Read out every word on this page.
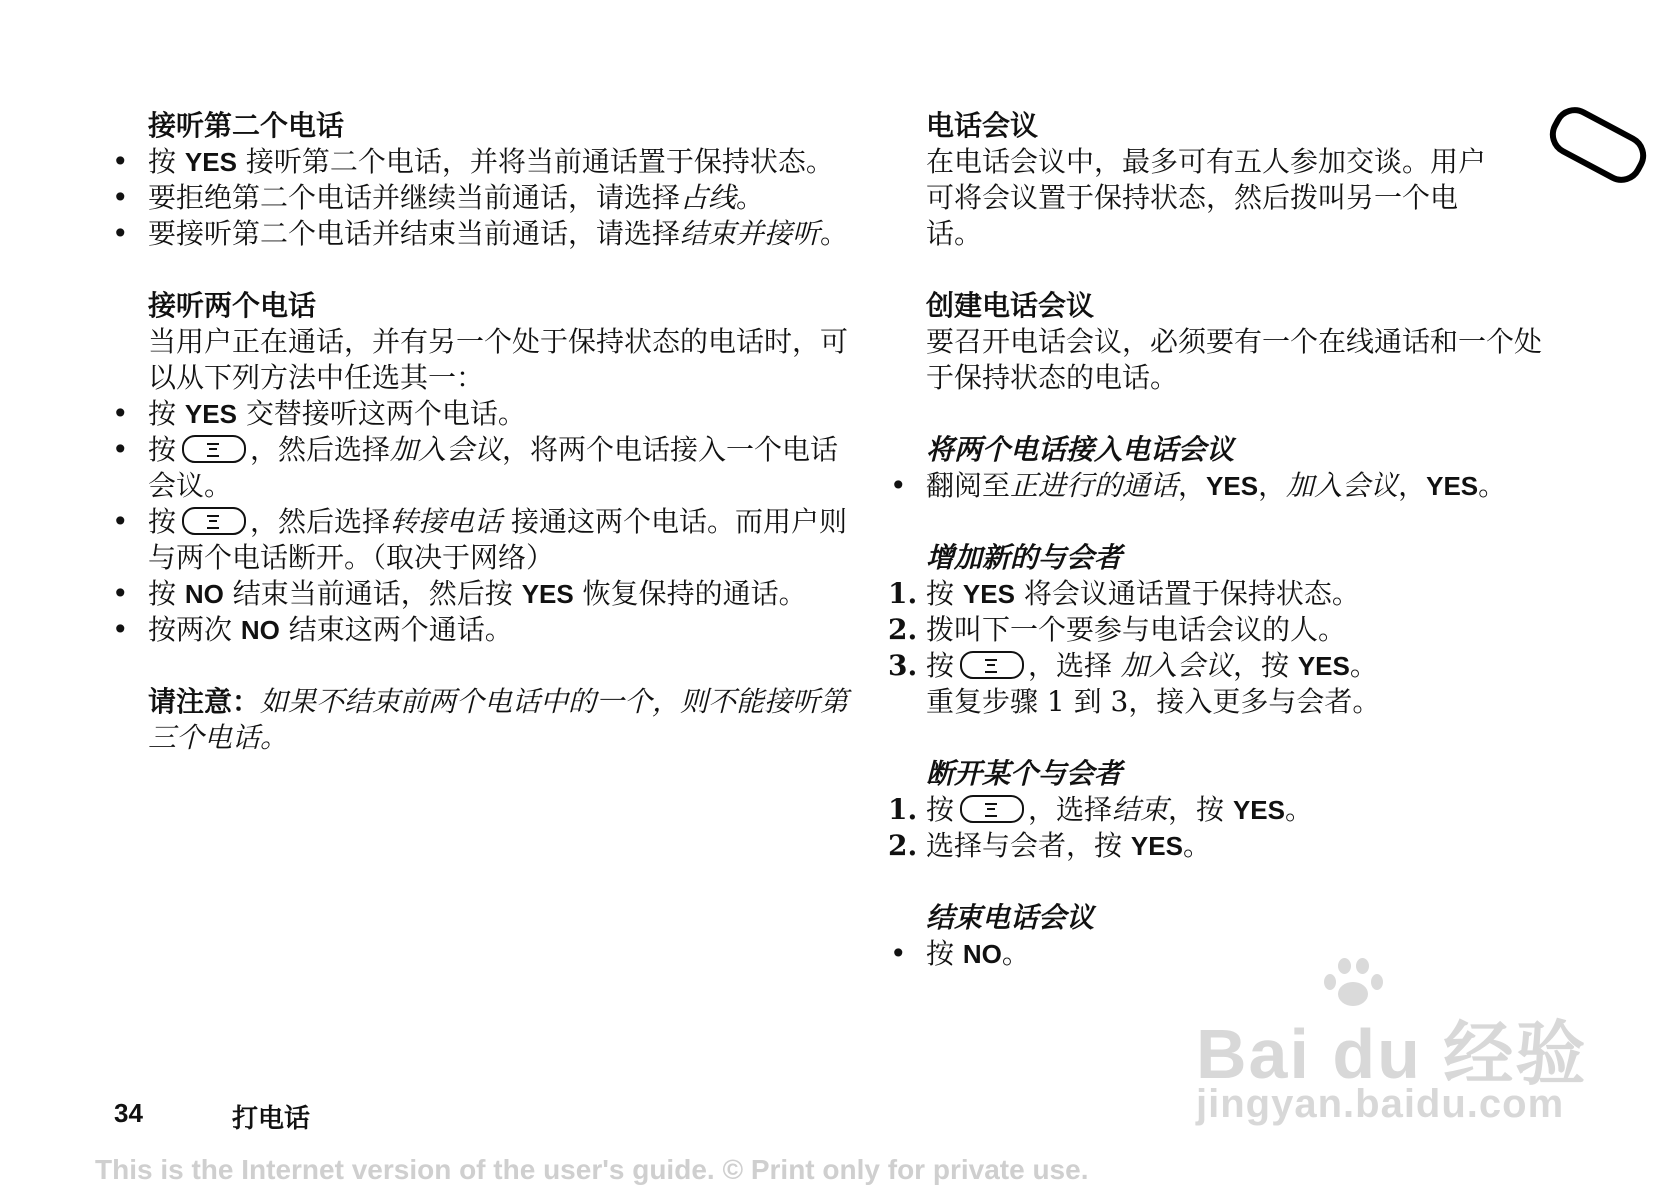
接听第二个电话
• 按 YES 接听第二个电话，并将当前通话置于保持状态。
• 要拒绝第二个电话并继续当前通话，请选择占线。
• 要接听第二个电话并结束当前通话，请选择结束并接听。
接听两个电话
当用户正在通话，并有另一个处于保持状态的电话时，可以从下列方法中任选其一：
• 按 YES 交替接听这两个电话。
• 按	，然后选择加入会议，将两个电话接入一个电话会议。
• 按	，然后选择转接电话 接通这两个电话。而用户则与两个电话断开。（取决于网络）
• 按 NO 结束当前通话，然后按 YES 恢复保持的通话。
• 按两次 NO 结束这两个通话。
请注意：如果不结束前两个电话中的一个，则不能接听第三个电话。
电话会议
在电话会议中，最多可有五人参加交谈。用户可将会议置于保持状态，然后拨叫另一个电话。
创建电话会议
要召开电话会议，必须要有一个在线通话和一个处于保持状态的电话。
将两个电话接入电话会议
• 翻阅至正进行的通话，YES，加入会议，YES。
增加新的与会者
1. 按 YES 将会议通话置于保持状态。
2. 拨叫下一个要参与电话会议的人。
3. 按	，选择 加入会议，按 YES。
重复步骤 1 到 3，接入更多与会者。
断开某个与会者
1. 按	，选择结束，按 YES。
2. 选择与会者，按 YES。
结束电话会议
• 按 NO。
Bai du 经验
jingyan.baidu.com
34	打电话
This is the Internet version of the user's guide. © Print only for private use.
